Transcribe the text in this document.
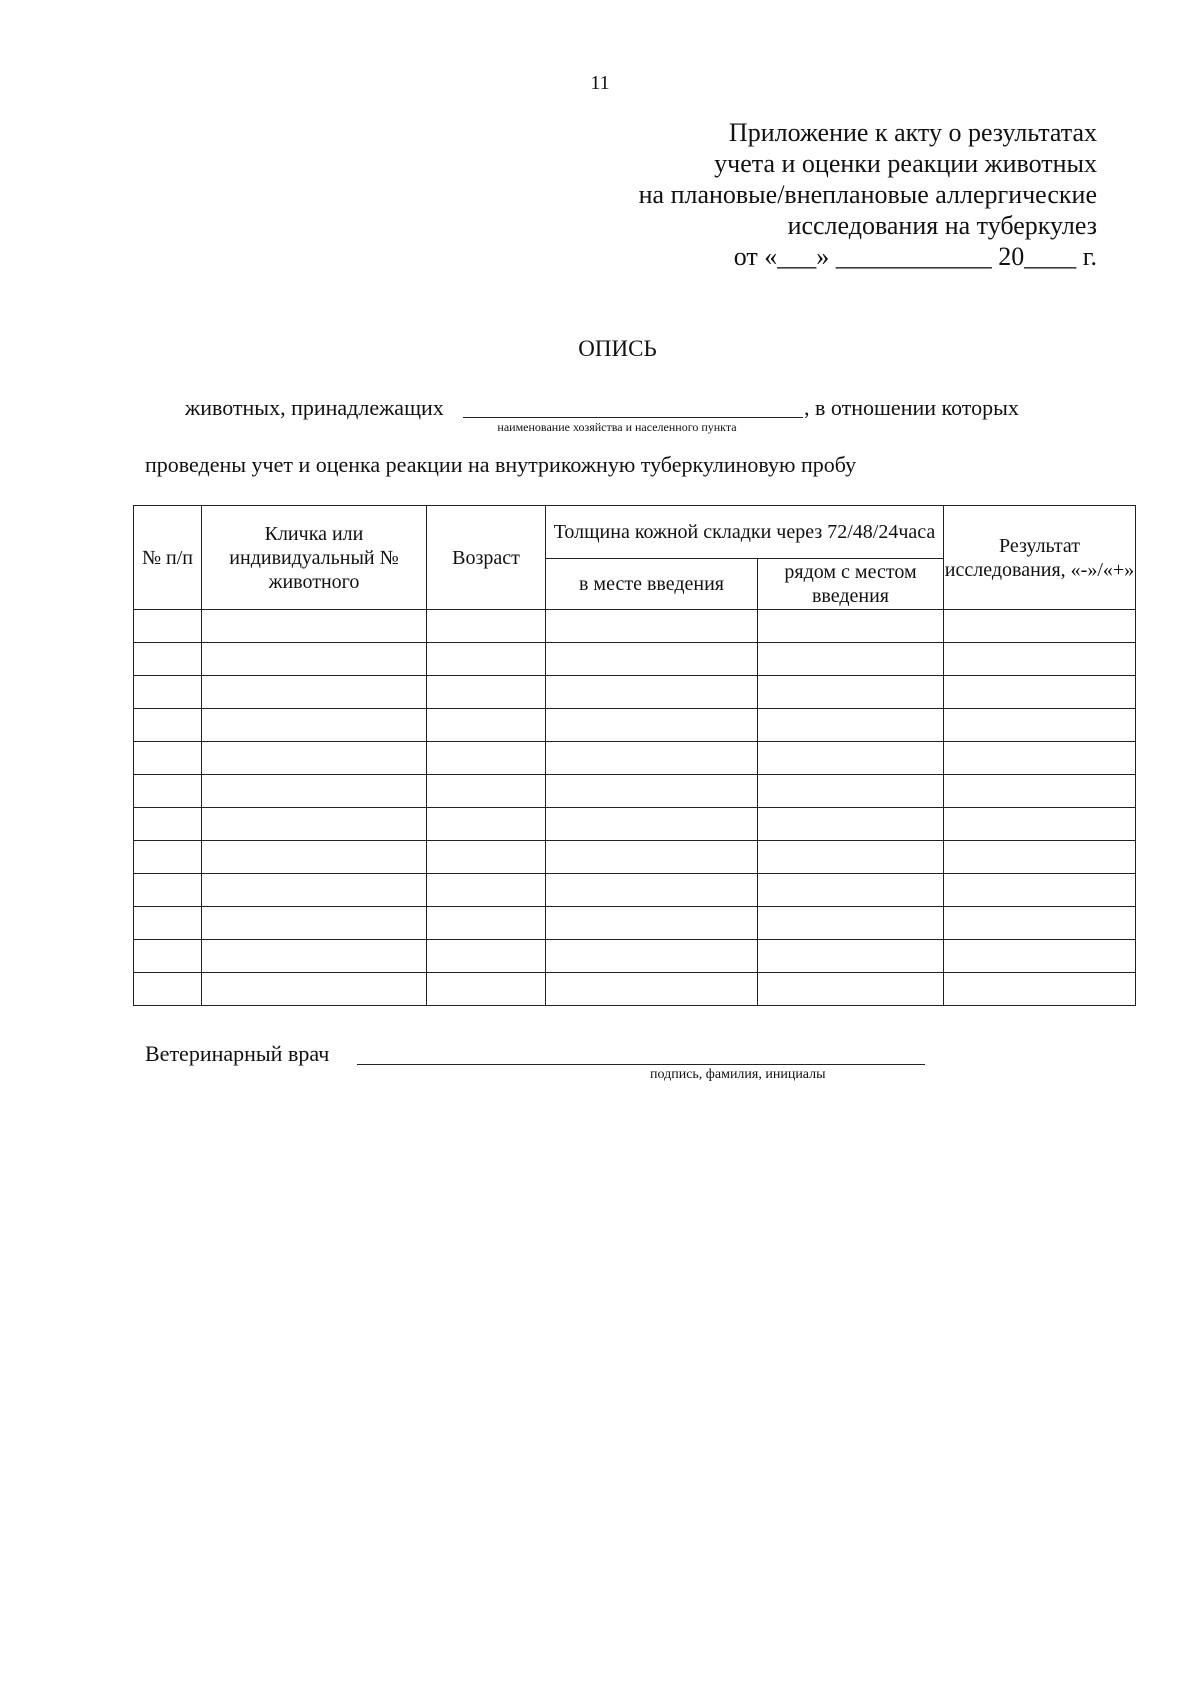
11
Приложение к акту о результатах
учета и оценки реакции животных
на плановые/внеплановые аллергические
исследования на туберкулез
от «___» ____________ 20____ г.
ОПИСЬ
животных, принадлежащих	, в отношении которых
наименование хозяйства и населенного пункта
проведены учет и оценка реакции на внутрикожную туберкулиновую пробу
№ п/п	Кличка или индивидуальный № животного	Возраст	Толщина кожной складки через 72/48/24часа		Результат исследования, «-»/«+»
			в месте введения	рядом с местом введения	

Ветеринарный врач
подпись, фамилия, инициалы
